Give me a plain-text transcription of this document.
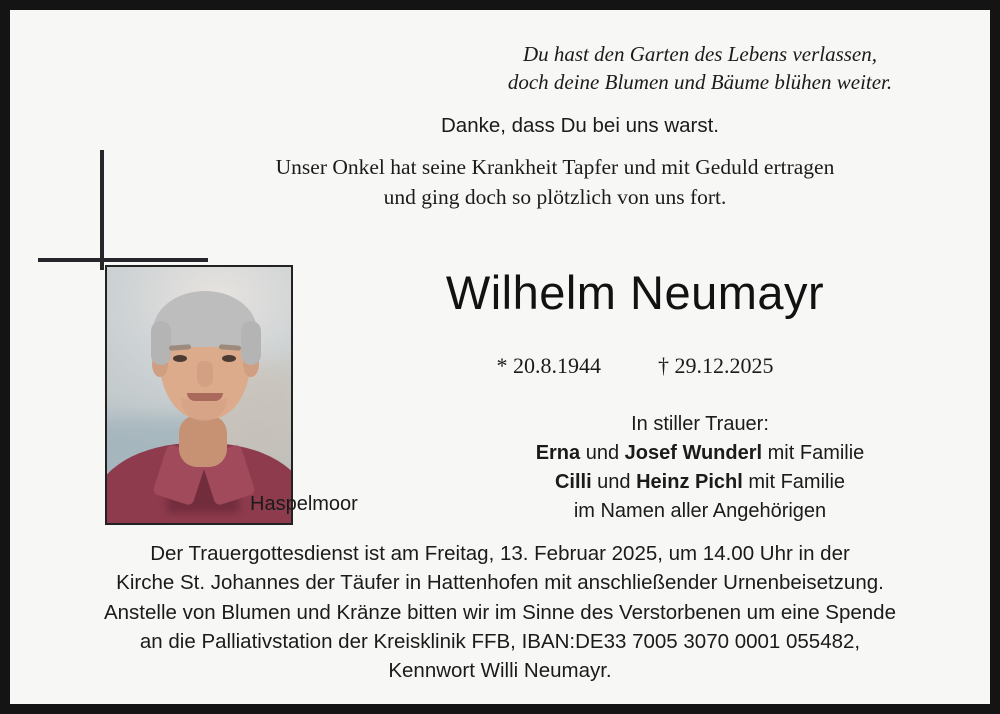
Du hast den Garten des Lebens verlassen,
doch deine Blumen und Bäume blühen weiter.
Danke, dass Du bei uns warst.
Unser Onkel hat seine Krankheit Tapfer und mit Geduld ertragen
und ging doch so plötzlich von uns fort.
Wilhelm Neumayr
* 20.8.1944	† 29.12.2025
In stiller Trauer:
Erna und Josef Wunderl mit Familie
Cilli und Heinz Pichl mit Familie
im Namen aller Angehörigen
Haspelmoor
Der Trauergottesdienst ist am Freitag, 13. Februar 2025, um 14.00 Uhr in der
Kirche St. Johannes der Täufer in Hattenhofen mit anschließender Urnenbeisetzung.
Anstelle von Blumen und Kränze bitten wir im Sinne des Verstorbenen um eine Spende
an die Palliativstation der Kreisklinik FFB, IBAN:DE33 7005 3070 0001 055482,
Kennwort Willi Neumayr.
